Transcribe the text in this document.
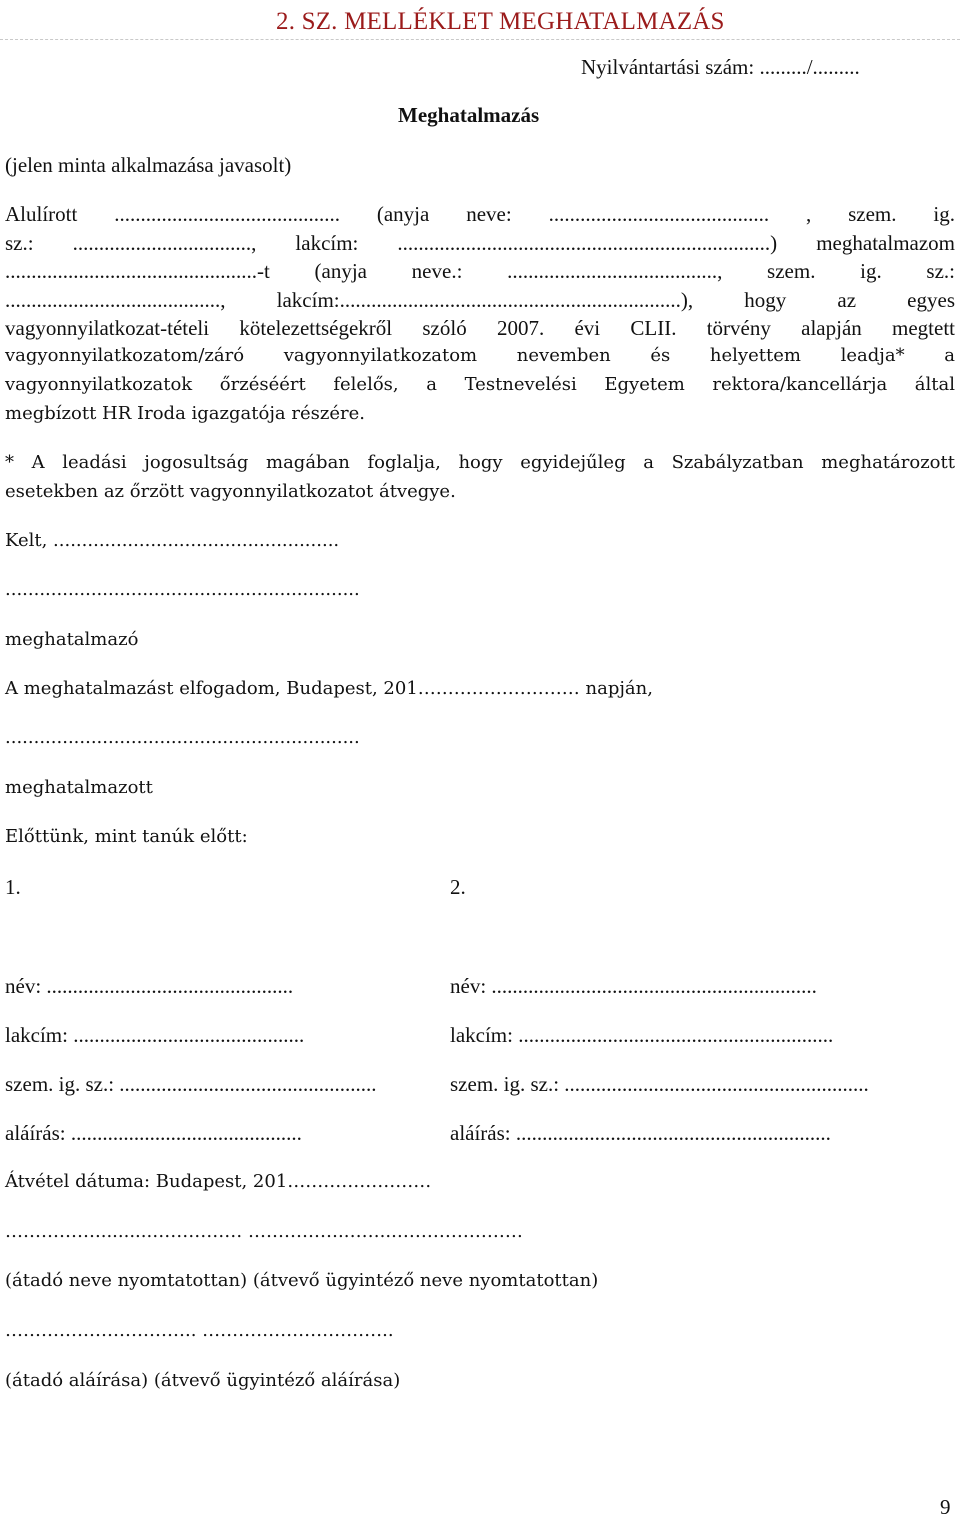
2. SZ. MELLÉKLET MEGHATALMAZÁS
Nyilvántartási szám: ........./.........
Meghatalmazás
(jelen minta alkalmazása javasolt)
Alulírott ........................................... (anyja neve: .......................................... , szem. ig.
sz.: .................................., lakcím: .......................................................................) meghatalmazom
................................................-t (anyja neve.: ........................................, szem. ig. sz.:
........................................., lakcím:.................................................................), hogy az egyes
vagyonnyilatkozat-tételi kötelezettségekről szóló 2007. évi CLII. törvény alapján megtett
vagyonnyilatkozatom/záró vagyonnyilatkozatom nevemben és helyettem leadja* a
vagyonnyilatkozatok őrzéséért felelős, a Testnevelési Egyetem rektora/kancellárja által
megbízott HR Iroda igazgatója részére.
* A leadási jogosultság magában foglalja, hogy egyidejűleg a Szabályzatban meghatározott
esetekben az őrzött vagyonnyilatkozatot átvegye.
Kelt, ..................................................
..............................................................
meghatalmazó
A meghatalmazást elfogadom, Budapest, 201……………………… napján,
..............................................................
meghatalmazott
Előttünk, mint tanúk előtt:
1.
név: ...............................................
lakcím: ............................................
szem. ig. sz.: .................................................
aláírás: ............................................
2.
név: ..............................................................
lakcím: ............................................................
szem. ig. sz.: ..........................................................
aláírás: ............................................................
Átvétel dátuma: Budapest, 201……………………
……………..........…………… …………….……...…………………
(átadó neve nyomtatottan) (átvevő ügyintéző neve nyomtatottan)
………………………….. …………………………..
(átadó aláírása) (átvevő ügyintéző aláírása)
9
